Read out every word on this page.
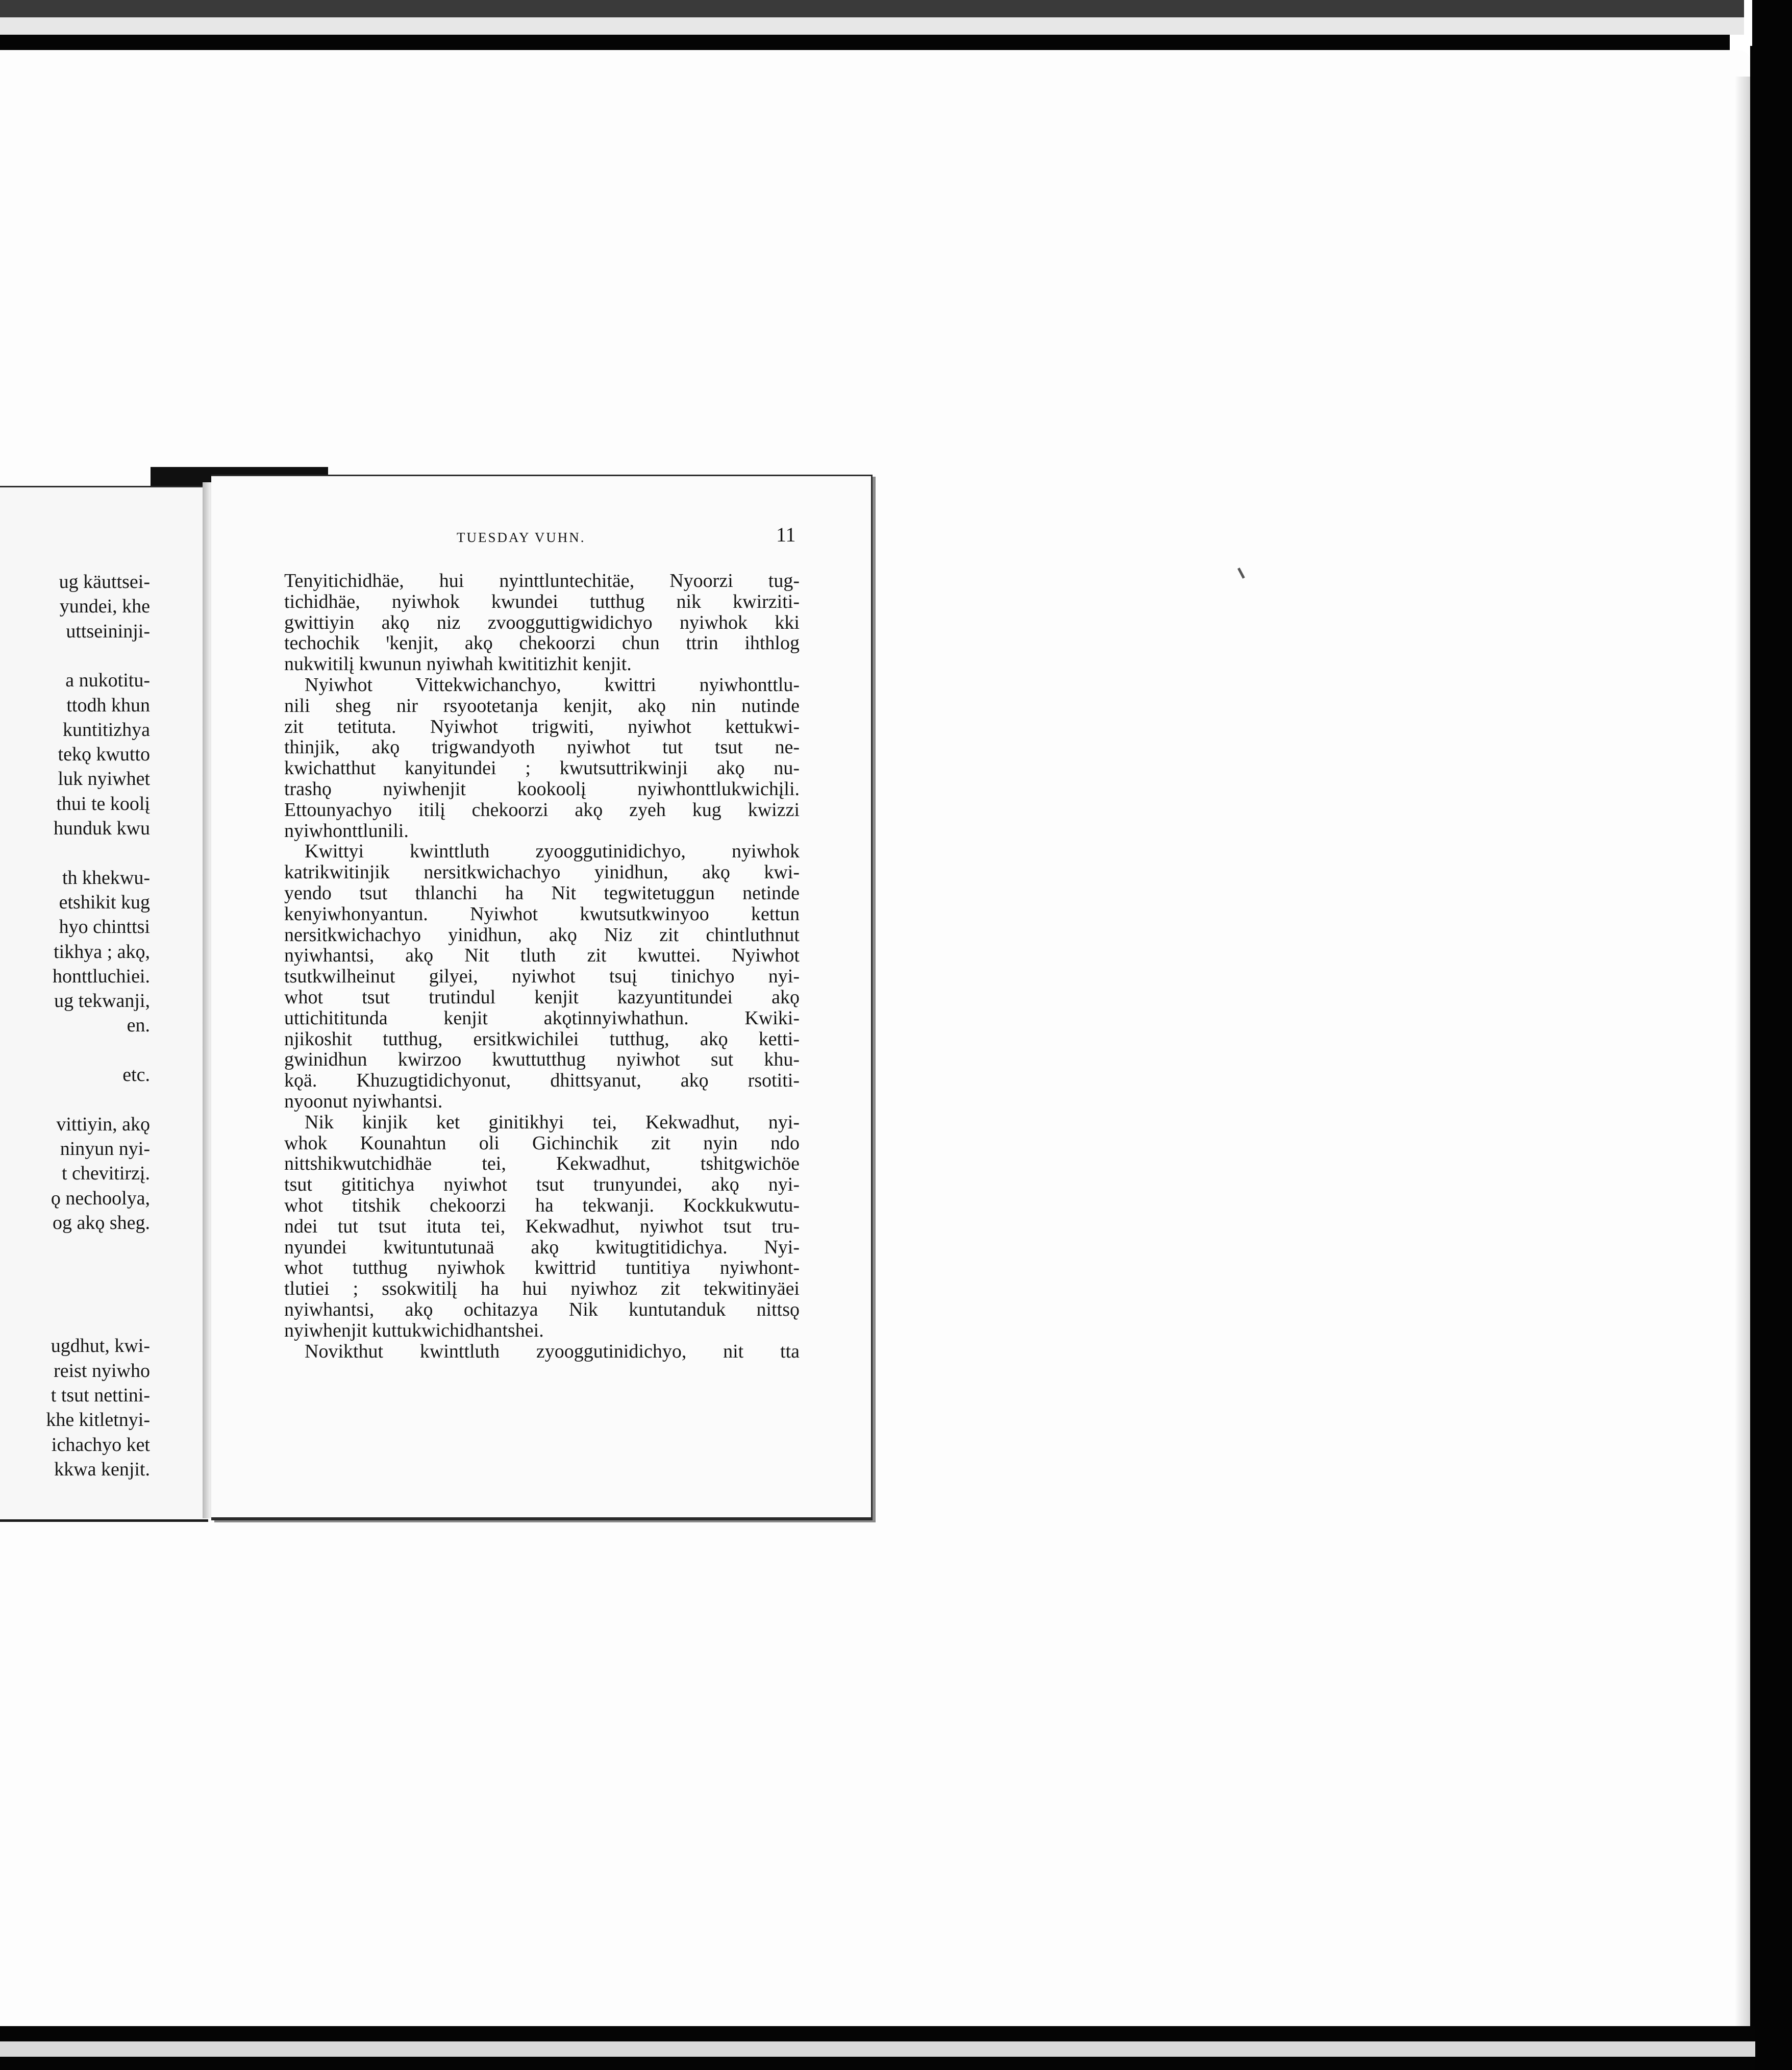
ug käuttsei-
yundei, khe
uttseininji-
a nukotitu-
ttodh khun
kuntitizhya
tekǫ kwutto
luk nyiwhet
thui te koolį
hunduk kwu
th khekwu-
etshikit kug
hyo chinttsi
tikhya ; akǫ,
honttluchiei.
ug tekwanji,
en.
etc.
vittiyin, akǫ
ninyun nyi-
t chevitirzį.
ǫ nechoolya,
og akǫ sheg.
ugdhut, kwi-
reist nyiwho
t tsut nettini-
khe kitletnyi-
ichachyo ket
kkwa kenjit.
TUESDAY VUHN.	11
Tenyitichidhäe, hui nyinttluntechitäe, Nyoorzi tug-
tichidhäe, nyiwhok kwundei tutthug nik kwirziti-
gwittiyin akǫ niz zvoogguttigwidichyo nyiwhok kki
techochik ꞌkenjit, akǫ chekoorzi chun ttrin ihthlog
nukwitilį kwunun nyiwhah kwititizhit kenjit.
Nyiwhot Vittekwichanchyo, kwittri nyiwhonttlu-
nili sheg nir rsyootetanja kenjit, akǫ nin nutinde
zit tetituta. Nyiwhot trigwiti, nyiwhot kettukwi-
thinjik, akǫ trigwandyoth nyiwhot tut tsut ne-
kwichatthut kanyitundei ; kwutsuttrikwinji akǫ nu-
trashǫ nyiwhenjit kookoolį nyiwhonttlukwichįli.
Ettounyachyo itilį chekoorzi akǫ zyeh kug kwizzi
nyiwhonttlunili.
Kwittyi kwinttluth zyooggutinidichyo, nyiwhok
katrikwitinjik nersitkwichachyo yinidhun, akǫ kwi-
yendo tsut thlanchi ha Nit tegwitetuggun netinde
kenyiwhonyantun. Nyiwhot kwutsutkwinyoo kettun
nersitkwichachyo yinidhun, akǫ Niz zit chintluthnut
nyiwhantsi, akǫ Nit tluth zit kwuttei. Nyiwhot
tsutkwilheinut gilyei, nyiwhot tsuį tinichyo nyi-
whot tsut trutindul kenjit kazyuntitundei akǫ
uttichititunda kenjit akǫtinnyiwhathun. Kwiki-
njikoshit tutthug, ersitkwichilei tutthug, akǫ ketti-
gwinidhun kwirzoo kwuttutthug nyiwhot sut khu-
kǫä. Khuzugtidichyonut, dhittsyanut, akǫ rsotiti-
nyoonut nyiwhantsi.
Nik kinjik ket ginitikhyi tei, Kekwadhut, nyi-
whok Kounahtun oli Gichinchik zit nyin ndo
nittshikwutchidhäe tei, Kekwadhut, tshitgwichöe
tsut gititichya nyiwhot tsut trunyundei, akǫ nyi-
whot titshik chekoorzi ha tekwanji. Kockkukwutu-
ndei tut tsut ituta tei, Kekwadhut, nyiwhot tsut tru-
nyundei kwituntutunaä akǫ kwitugtitidichya. Nyi-
whot tutthug nyiwhok kwittrid tuntitiya nyiwhont-
tlutiei ; ssokwitilį ha hui nyiwhoz zit tekwitinyäei
nyiwhantsi, akǫ ochitazya Nik kuntutanduk nittsǫ
nyiwhenjit kuttukwichidhantshei.
Novikthut kwinttluth zyooggutinidichyo, nit tta
